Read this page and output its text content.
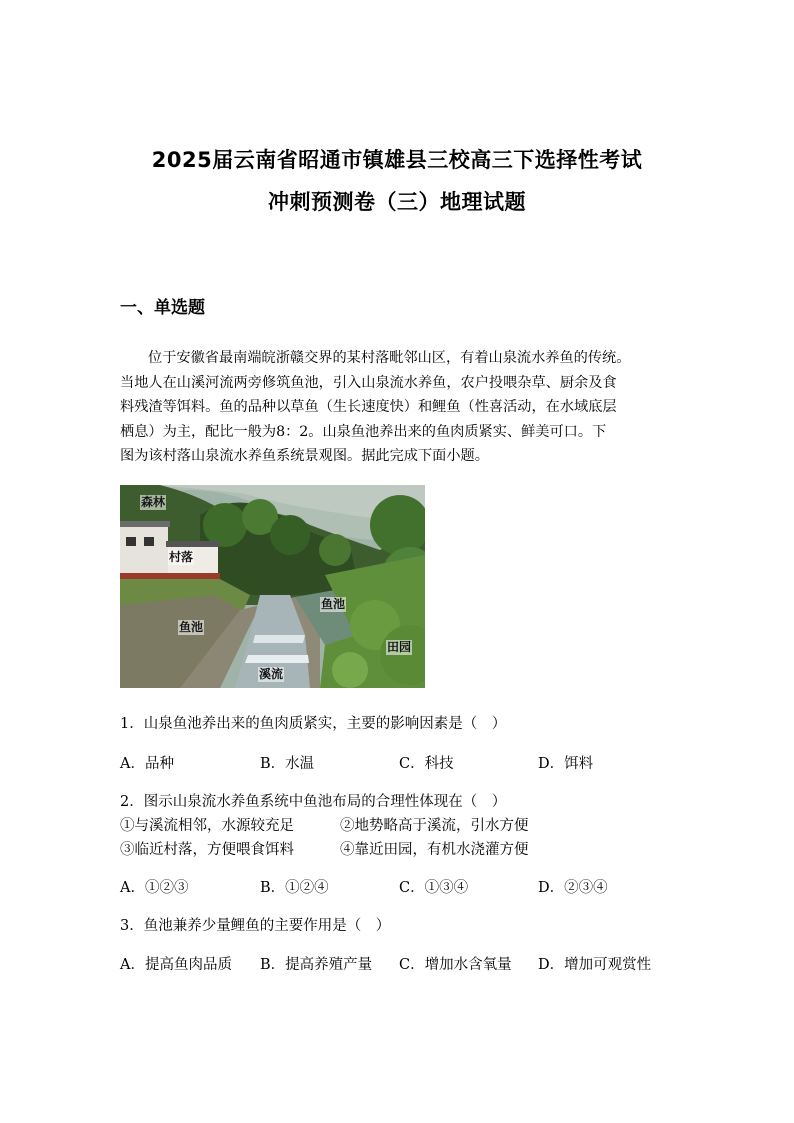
2025届云南省昭通市镇雄县三校高三下选择性考试
冲刺预测卷（三）地理试题
一、单选题
位于安徽省最南端皖浙赣交界的某村落毗邻山区，有着山泉流水养鱼的传统。
当地人在山溪河流两旁修筑鱼池，引入山泉流水养鱼，农户投喂杂草、厨余及食
料残渣等饵料。鱼的品种以草鱼（生长速度快）和鲤鱼（性喜活动，在水域底层
栖息）为主，配比一般为8：2。山泉鱼池养出来的鱼肉质紧实、鲜美可口。下
图为该村落山泉流水养鱼系统景观图。据此完成下面小题。
森林
村落
鱼池
鱼池
田园
溪流
1．山泉鱼池养出来的鱼肉质紧实，主要的影响因素是（　）
A．品种	B．水温	C．科技	D．饵料
2．图示山泉流水养鱼系统中鱼池布局的合理性体现在（　）
①与溪流相邻，水源较充足	②地势略高于溪流，引水方便
③临近村落，方便喂食饵料	④靠近田园，有机水浇灌方便
A．①②③	B．①②④	C．①③④	D．②③④
3．鱼池兼养少量鲤鱼的主要作用是（　）
A．提高鱼肉品质 B．提高养殖产量 C．增加水含氧量 D．增加可观赏性
